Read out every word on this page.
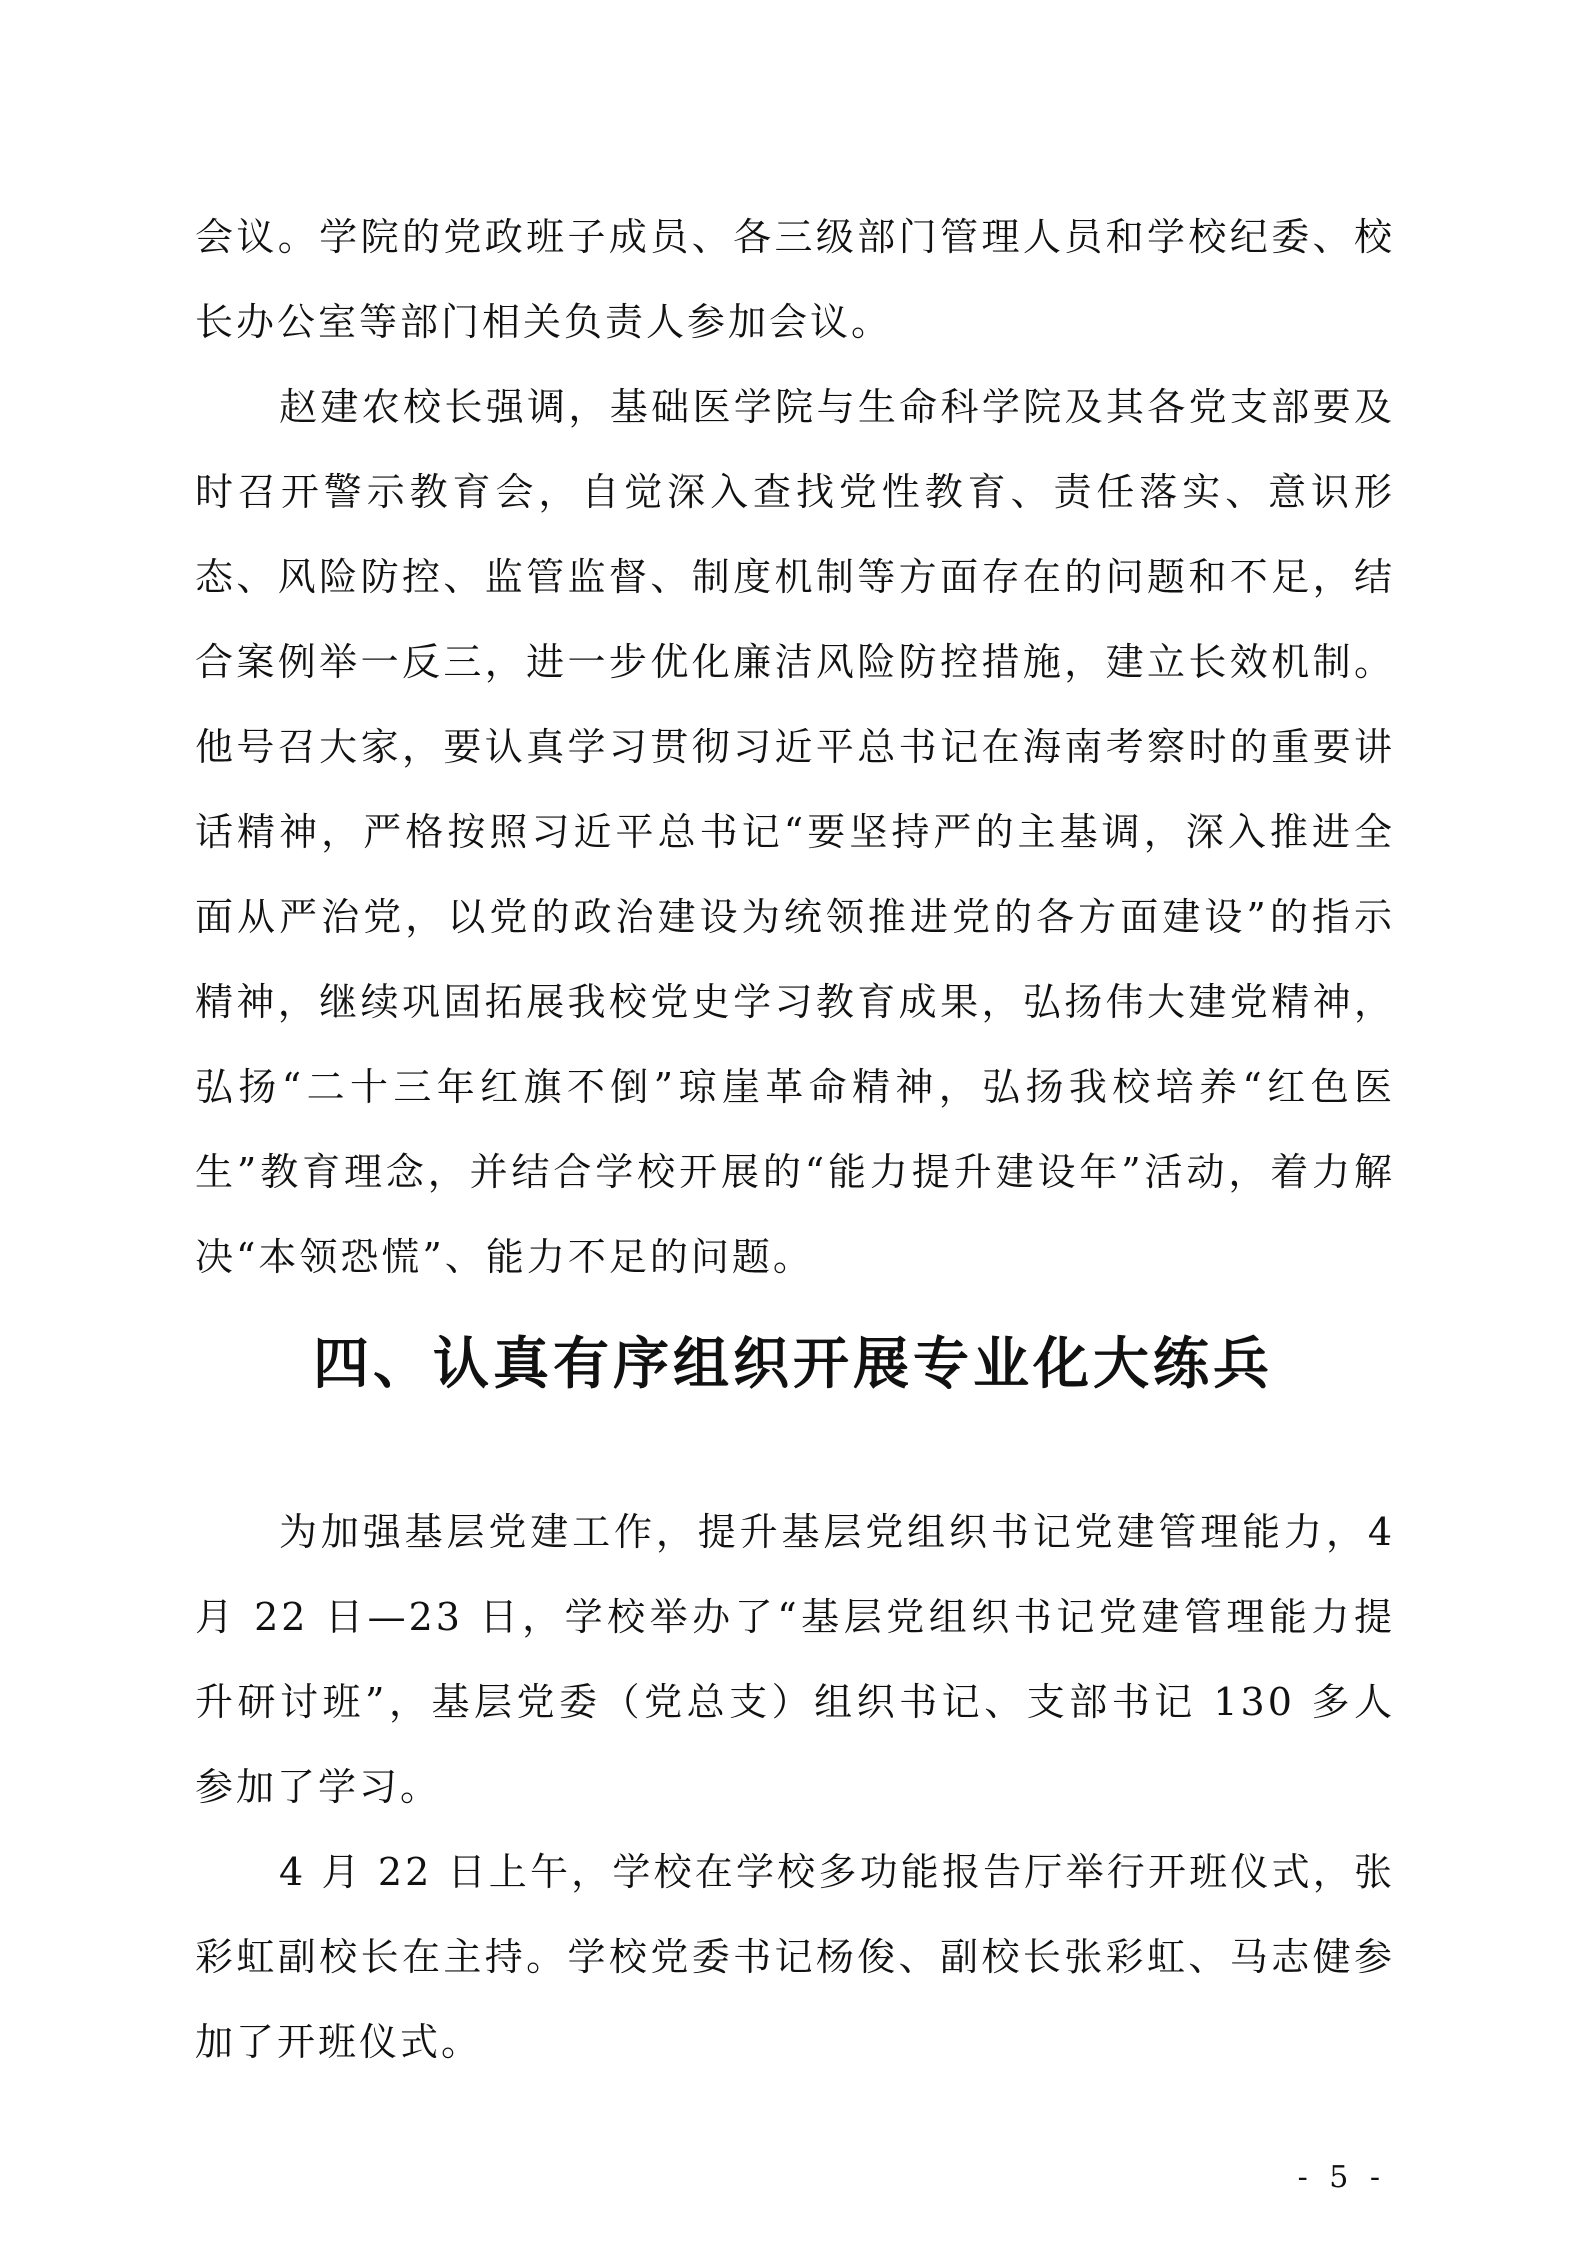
会议。学院的党政班子成员、各三级部门管理人员和学校纪委、校长办公室等部门相关负责人参加会议。

赵建农校长强调，基础医学院与生命科学院及其各党支部要及时召开警示教育会，自觉深入查找党性教育、责任落实、意识形态、风险防控、监管监督、制度机制等方面存在的问题和不足，结合案例举一反三，进一步优化廉洁风险防控措施，建立长效机制。他号召大家，要认真学习贯彻习近平总书记在海南考察时的重要讲话精神，严格按照习近平总书记“要坚持严的主基调，深入推进全面从严治党，以党的政治建设为统领推进党的各方面建设”的指示精神，继续巩固拓展我校党史学习教育成果，弘扬伟大建党精神，弘扬“二十三年红旗不倒”琼崖革命精神，弘扬我校培养“红色医生”教育理念，并结合学校开展的“能力提升建设年”活动，着力解决“本领恐慌”、能力不足的问题。

四、认真有序组织开展专业化大练兵

为加强基层党建工作，提升基层党组织书记党建管理能力，4 月 22 日—23 日，学校举办了“基层党组织书记党建管理能力提升研讨班”，基层党委（党总支）组织书记、支部书记 130 多人参加了学习。

4 月 22 日上午，学校在学校多功能报告厅举行开班仪式，张彩虹副校长在主持。学校党委书记杨俊、副校长张彩虹、马志健参加了开班仪式。

- 5 -
